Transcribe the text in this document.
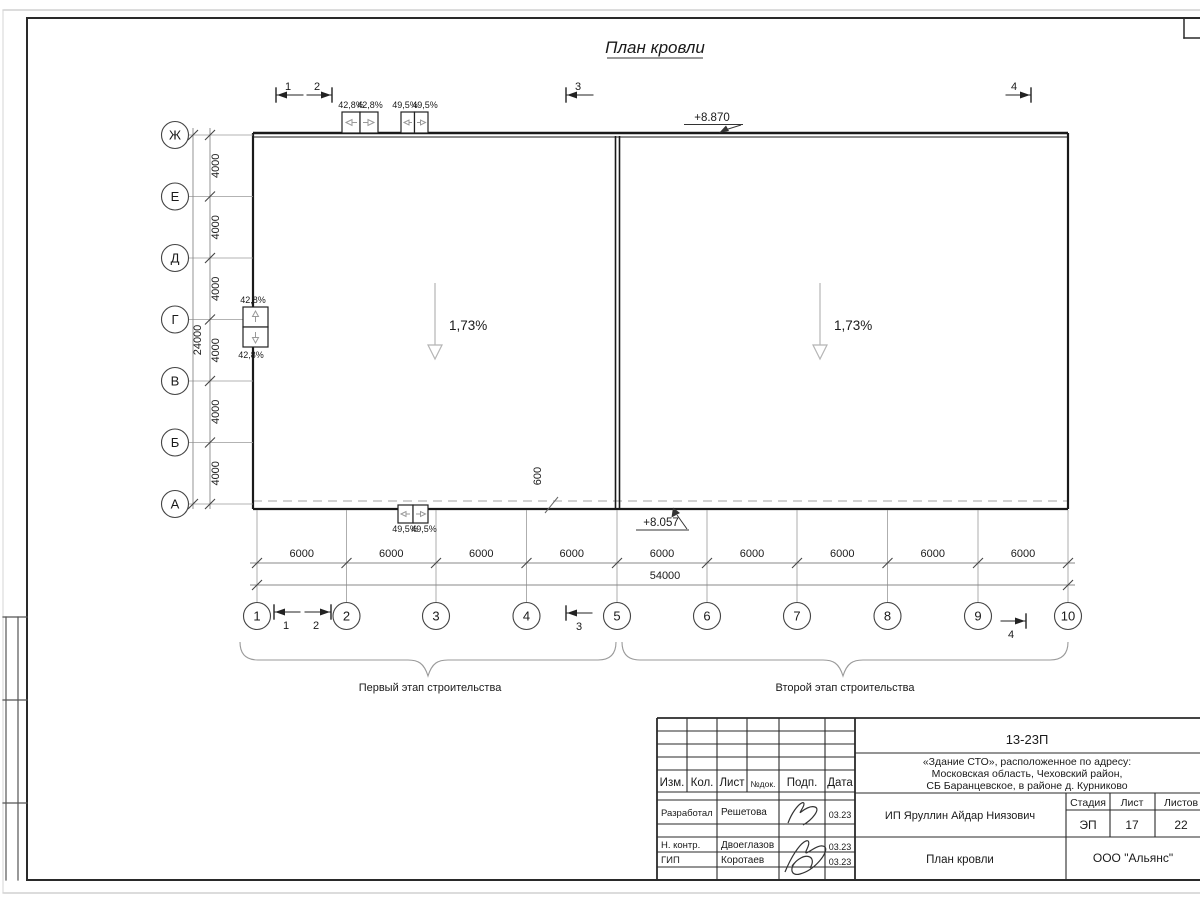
План кровли
Ж
Е
Д
Г
В
Б
А
4000
4000
4000
4000
4000
4000
24000
1	2	3	4	5	6	7	8	9	10
6000	6000	6000	6000	6000	6000	6000	6000	6000
54000
+8.870
+8.057
600
1,73%	1,73%
42,8%
42,8% 49,5%
49,5%
42,8%
42,8%
49,5%
49,5%
1 2	3	4
1 2	3
4
Первый этап строительства	Второй этап строительства
13-23П
«Здание СТО», расположенное по адресу:
Московская область, Чеховский район,
СБ Баранцевское, в районе д. Курниково
Изм. Кол. Лист №док. Подп. Дата
Разработал Решетова	03.23
Н. контр. Двоеглазов	03.23
ГИП	Коротаев	03.23
ИП Яруллин Айдар Ниязович
Стадия Лист Листов
ЭП 17	22
План кровли	ООО "Альянс"
